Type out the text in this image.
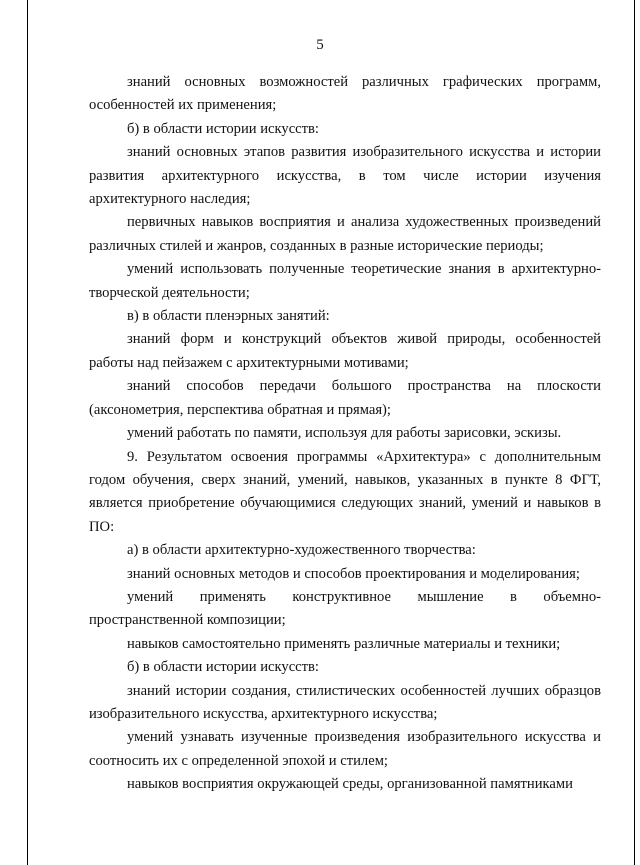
5

знаний основных возможностей различных графических программ, особенностей их применения;

б) в области истории искусств:

знаний основных этапов развития изобразительного искусства и истории развития архитектурного искусства, в том числе истории изучения архитектурного наследия;

первичных навыков восприятия и анализа художественных произведений различных стилей и жанров, созданных в разные исторические периоды;

умений использовать полученные теоретические знания в архитектурно-творческой деятельности;

в) в области пленэрных занятий:

знаний форм и конструкций объектов живой природы, особенностей работы над пейзажем с архитектурными мотивами;

знаний способов передачи большого пространства на плоскости (аксонометрия, перспектива обратная и прямая);

умений работать по памяти, используя для работы зарисовки, эскизы.

9. Результатом освоения программы «Архитектура» с дополнительным годом обучения, сверх знаний, умений, навыков, указанных в пункте 8 ФГТ, является приобретение обучающимися следующих знаний, умений и навыков в ПО:

а) в области архитектурно-художественного творчества:

знаний основных методов и способов проектирования и моделирования;

умений применять конструктивное мышление в объемно-пространственной композиции;

навыков самостоятельно применять различные материалы и техники;

б) в области истории искусств:

знаний истории создания, стилистических особенностей лучших образцов изобразительного искусства, архитектурного искусства;

умений узнавать изученные произведения изобразительного искусства и соотносить их с определенной эпохой и стилем;

навыков восприятия окружающей среды, организованной памятниками
